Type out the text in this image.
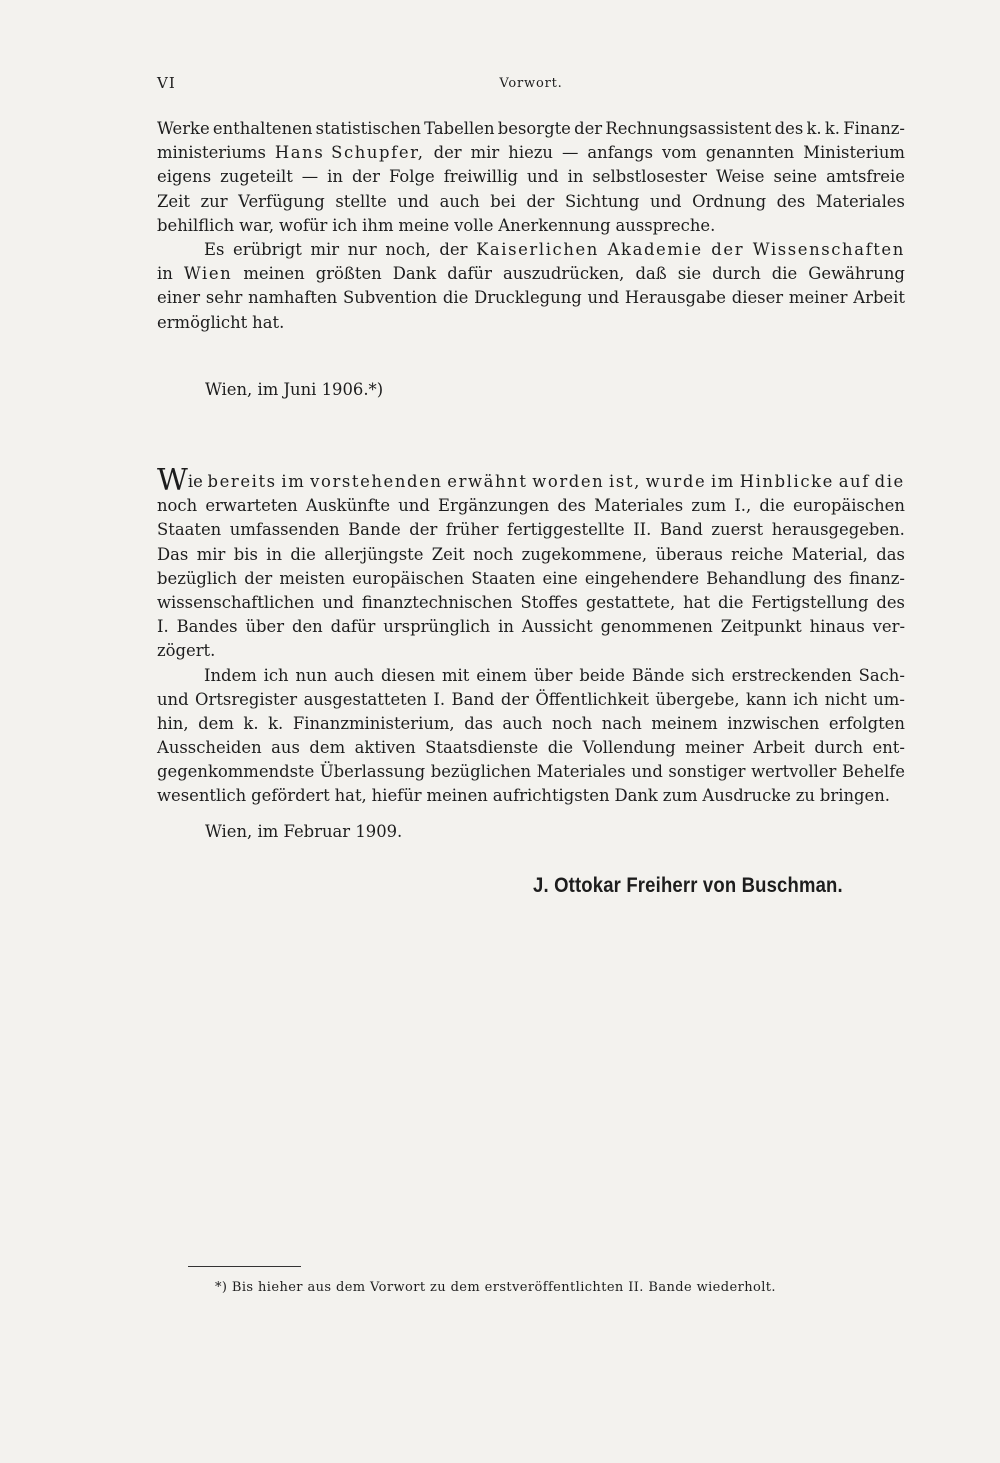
VI	Vorwort.
Werke enthaltenen statistischen Tabellen besorgte der Rechnungsassistent des k. k. Finanz-
ministeriums Hans Schupfer, der mir hiezu — anfangs vom genannten Ministerium
eigens zugeteilt — in der Folge freiwillig und in selbstlosester Weise seine amtsfreie
Zeit zur Verfügung stellte und auch bei der Sichtung und Ordnung des Materiales
behilflich war, wofür ich ihm meine volle Anerkennung ausspreche.
Es erübrigt mir nur noch, der Kaiserlichen Akademie der Wissenschaften
in Wien meinen größten Dank dafür auszudrücken, daß sie durch die Gewährung
einer sehr namhaften Subvention die Drucklegung und Herausgabe dieser meiner Arbeit
ermöglicht hat.
Wien, im Juni 1906.*)
Wie bereits im vorstehenden erwähnt worden ist, wurde im Hinblicke auf die
noch erwarteten Auskünfte und Ergänzungen des Materiales zum I., die europäischen
Staaten umfassenden Bande der früher fertiggestellte II. Band zuerst herausgegeben.
Das mir bis in die allerjüngste Zeit noch zugekommene, überaus reiche Material, das
bezüglich der meisten europäischen Staaten eine eingehendere Behandlung des finanz-
wissenschaftlichen und finanztechnischen Stoffes gestattete, hat die Fertigstellung des
I. Bandes über den dafür ursprünglich in Aussicht genommenen Zeitpunkt hinaus ver-
zögert.
Indem ich nun auch diesen mit einem über beide Bände sich erstreckenden Sach-
und Ortsregister ausgestatteten I. Band der Öffentlichkeit übergebe, kann ich nicht um-
hin, dem k. k. Finanzministerium, das auch noch nach meinem inzwischen erfolgten
Ausscheiden aus dem aktiven Staatsdienste die Vollendung meiner Arbeit durch ent-
gegenkommendste Überlassung bezüglichen Materiales und sonstiger wertvoller Behelfe
wesentlich gefördert hat, hiefür meinen aufrichtigsten Dank zum Ausdrucke zu bringen.
Wien, im Februar 1909.
J. Ottokar Freiherr von Buschman.
*) Bis hieher aus dem Vorwort zu dem erstveröffentlichten II. Bande wiederholt.
